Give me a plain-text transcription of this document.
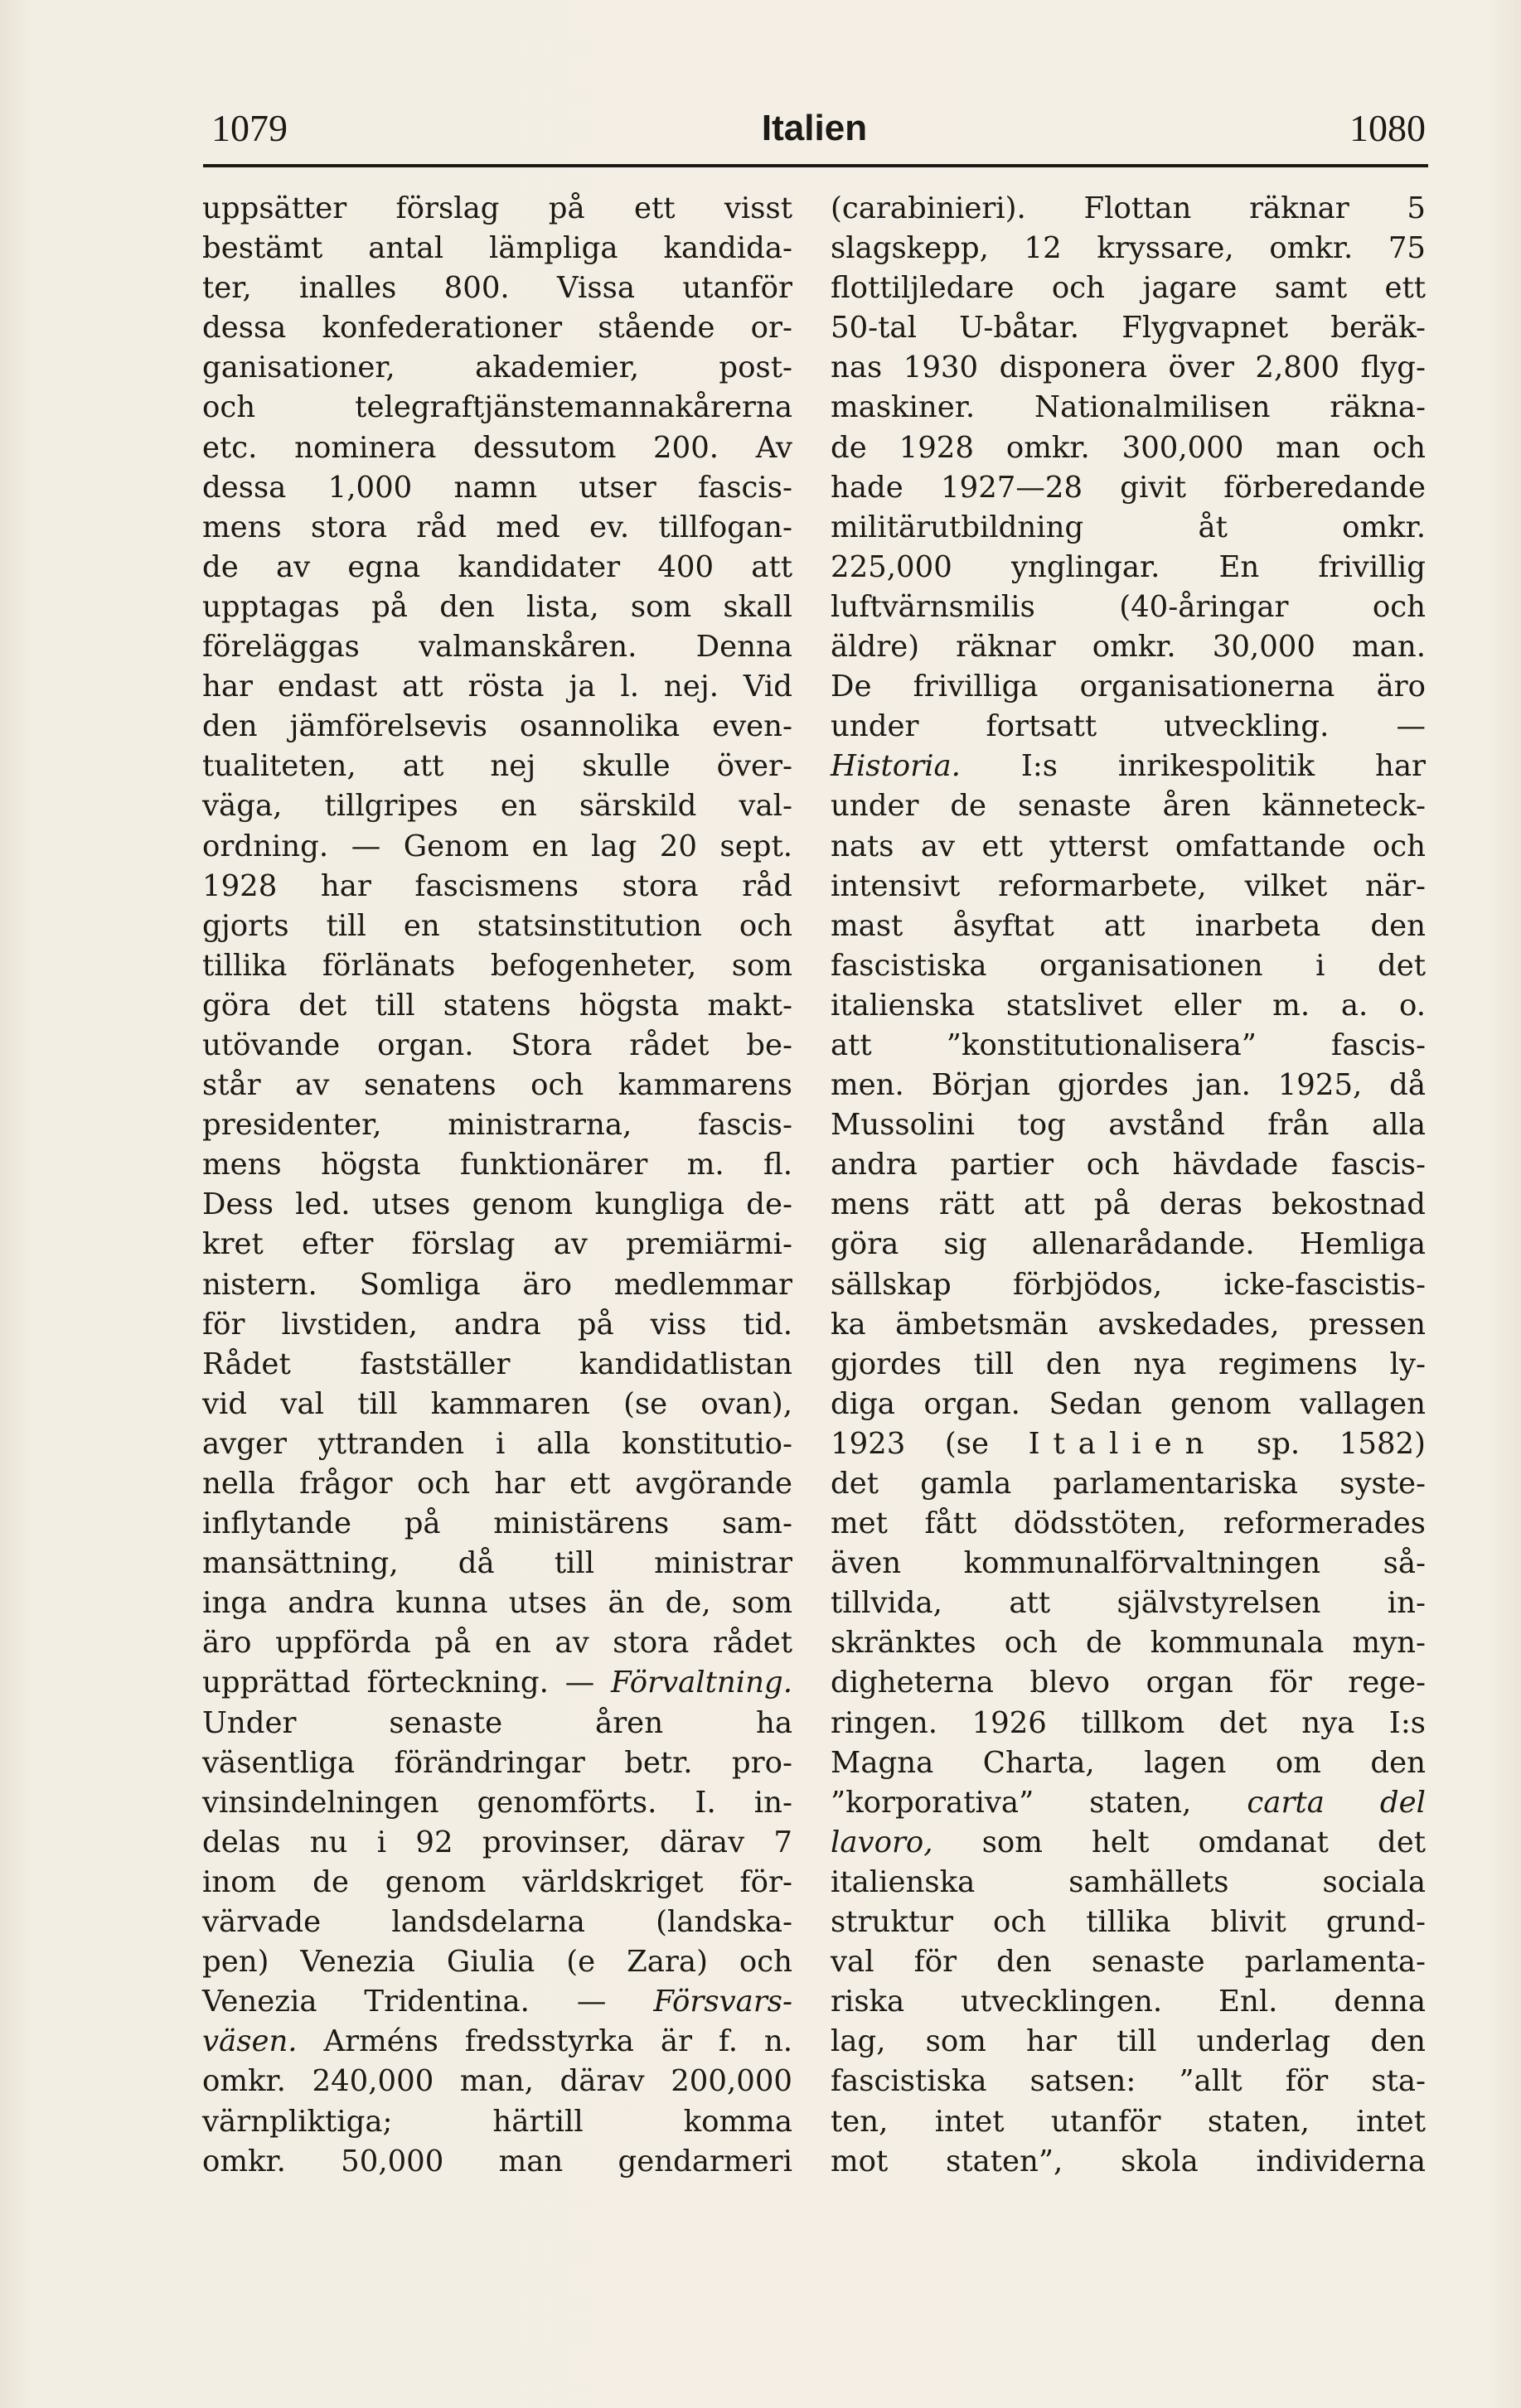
1079	Italien	1080
uppsätter förslag på ett visst
bestämt antal lämpliga kandida-
ter, inalles 800. Vissa utanför
dessa konfederationer stående or-
ganisationer, akademier, post-
och telegraftjänstemannakårerna
etc. nominera dessutom 200. Av
dessa 1,000 namn utser fascis-
mens stora råd med ev. tillfogan-
de av egna kandidater 400 att
upptagas på den lista, som skall
föreläggas valmanskåren. Denna
har endast att rösta ja l. nej. Vid
den jämförelsevis osannolika even-
tualiteten, att nej skulle över-
väga, tillgripes en särskild val-
ordning. — Genom en lag 20 sept.
1928 har fascismens stora råd
gjorts till en statsinstitution och
tillika förlänats befogenheter, som
göra det till statens högsta makt-
utövande organ. Stora rådet be-
står av senatens och kammarens
presidenter, ministrarna, fascis-
mens högsta funktionärer m. fl.
Dess led. utses genom kungliga de-
kret efter förslag av premiärmi-
nistern. Somliga äro medlemmar
för livstiden, andra på viss tid.
Rådet fastställer kandidatlistan
vid val till kammaren (se ovan),
avger yttranden i alla konstitutio-
nella frågor och har ett avgörande
inflytande på ministärens sam-
mansättning, då till ministrar
inga andra kunna utses än de, som
äro uppförda på en av stora rådet
upprättad förteckning. — Förvaltning.
Under senaste åren ha
väsentliga förändringar betr. pro-
vinsindelningen genomförts. I. in-
delas nu i 92 provinser, därav 7
inom de genom världskriget för-
värvade landsdelarna (landska-
pen) Venezia Giulia (e Zara) och
Venezia Tridentina. — Försvars-
väsen. Arméns fredsstyrka är f. n.
omkr. 240,000 man, därav 200,000
värnpliktiga; härtill komma
omkr. 50,000 man gendarmeri
(carabinieri). Flottan räknar 5
slagskepp, 12 kryssare, omkr. 75
flottiljledare och jagare samt ett
50-tal U-båtar. Flygvapnet beräk-
nas 1930 disponera över 2,800 flyg-
maskiner. Nationalmilisen räkna-
de 1928 omkr. 300,000 man och
hade 1927—28 givit förberedande
militärutbildning åt omkr.
225,000 ynglingar. En frivillig
luftvärnsmilis (40-åringar och
äldre) räknar omkr. 30,000 man.
De frivilliga organisationerna äro
under fortsatt utveckling. —
Historia. I:s inrikespolitik har
under de senaste åren känneteck-
nats av ett ytterst omfattande och
intensivt reformarbete, vilket när-
mast åsyftat att inarbeta den
fascistiska organisationen i det
italienska statslivet eller m. a. o.
att ”konstitutionalisera” fascis-
men. Början gjordes jan. 1925, då
Mussolini tog avstånd från alla
andra partier och hävdade fascis-
mens rätt att på deras bekostnad
göra sig allenarådande. Hemliga
sällskap förbjödos, icke-fascistis-
ka ämbetsmän avskedades, pressen
gjordes till den nya regimens ly-
diga organ. Sedan genom vallagen
1923 (se Italien sp. 1582)
det gamla parlamentariska syste-
met fått dödsstöten, reformerades
även kommunalförvaltningen så-
tillvida, att självstyrelsen in-
skränktes och de kommunala myn-
digheterna blevo organ för rege-
ringen. 1926 tillkom det nya I:s
Magna Charta, lagen om den
”korporativa” staten, carta del
lavoro, som helt omdanat det
italienska samhällets sociala
struktur och tillika blivit grund-
val för den senaste parlamenta-
riska utvecklingen. Enl. denna
lag, som har till underlag den
fascistiska satsen: ”allt för sta-
ten, intet utanför staten, intet
mot staten”, skola individerna
